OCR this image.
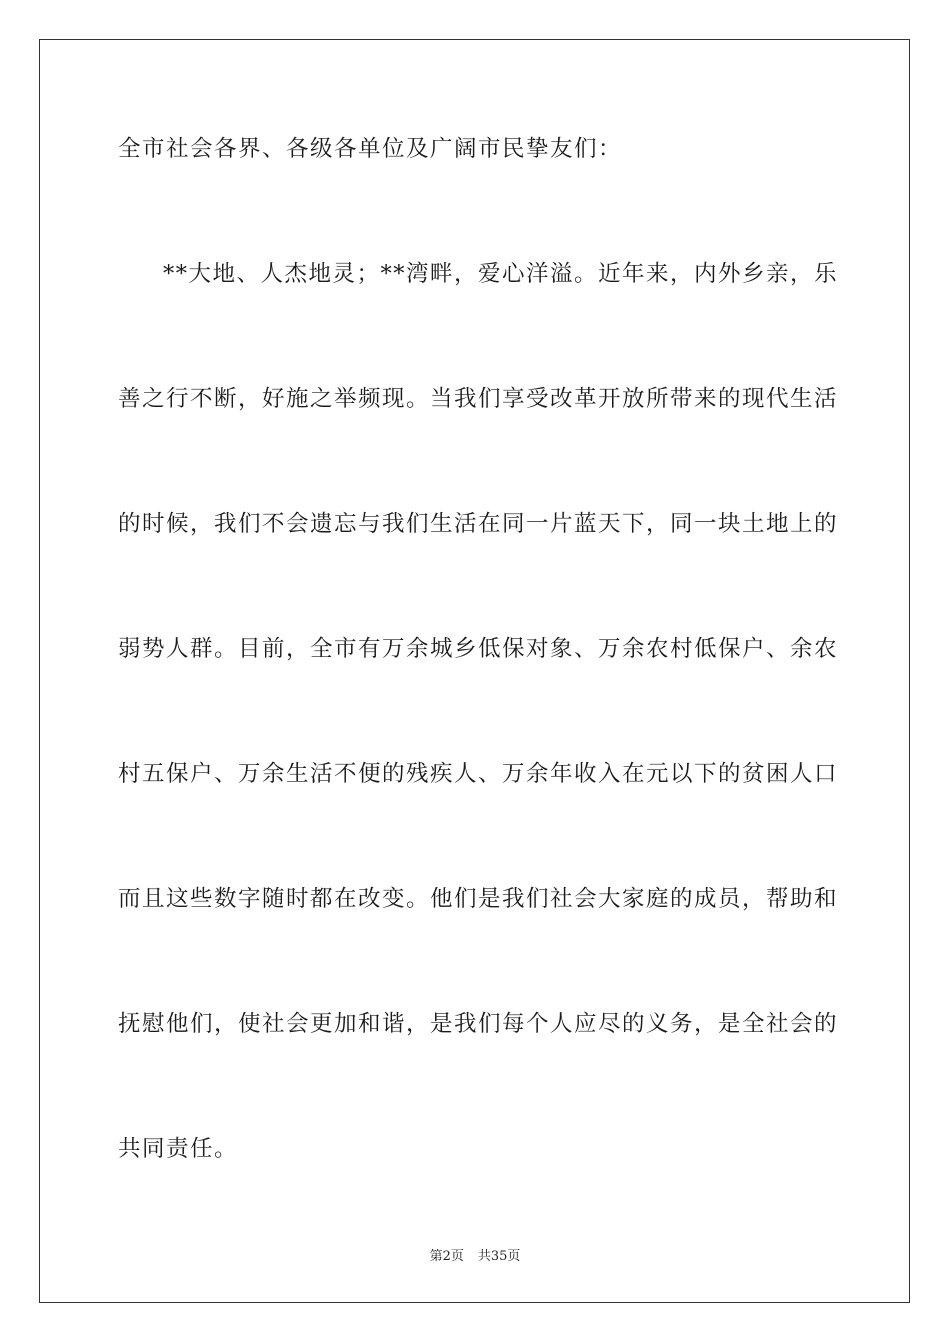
全市社会各界、各级各单位及广阔市民挚友们：
**大地、人杰地灵；**湾畔，爱心洋溢。近年来，内外乡亲，乐
善之行不断，好施之举频现。当我们享受改革开放所带来的现代生活
的时候，我们不会遗忘与我们生活在同一片蓝天下，同一块土地上的
弱势人群。目前，全市有万余城乡低保对象、万余农村低保户、余农
村五保户、万余生活不便的残疾人、万余年收入在元以下的贫困人口
而且这些数字随时都在改变。他们是我们社会大家庭的成员，帮助和
抚慰他们，使社会更加和谐，是我们每个人应尽的义务，是全社会的
共同责任。
第2页 共35页
